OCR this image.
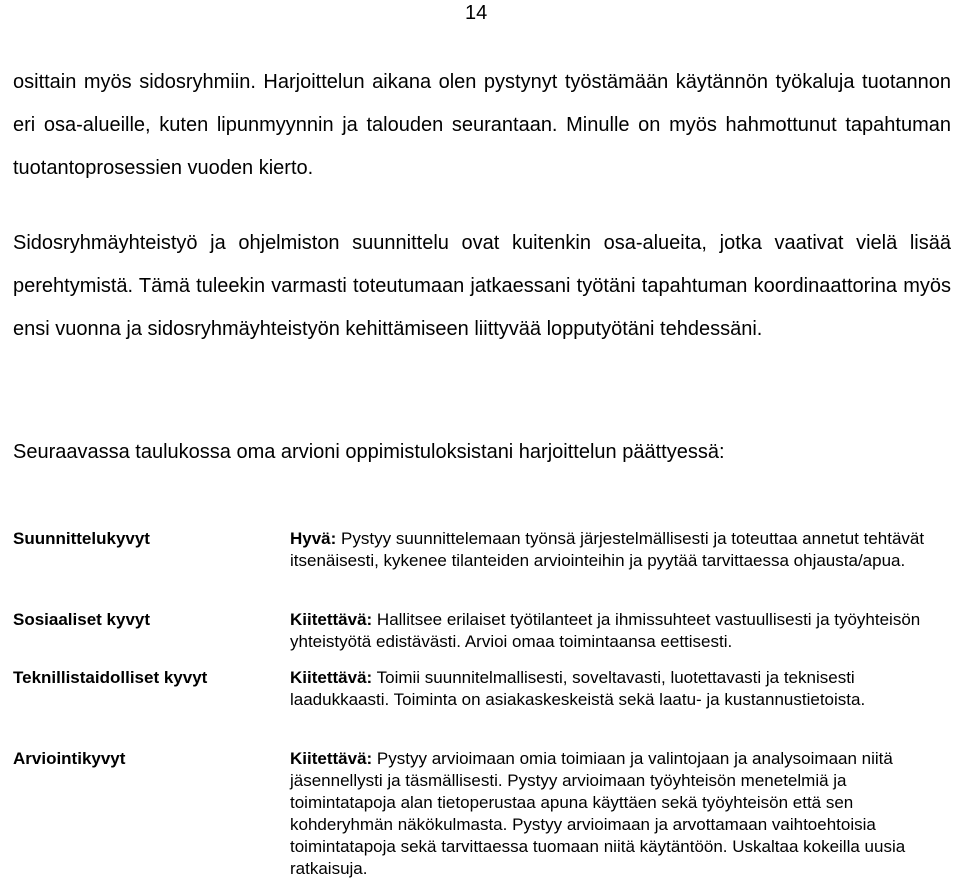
14

osittain myös sidosryhmiin. Harjoittelun aikana olen pystynyt työstämään käytännön työkaluja tuotannon eri osa-alueille, kuten lipunmyynnin ja talouden seurantaan. Minulle on myös hahmottunut tapahtuman tuotantoprosessien vuoden kierto.

Sidosryhmäyhteistyö ja ohjelmiston suunnittelu ovat kuitenkin osa-alueita, jotka vaativat vielä lisää perehtymistä. Tämä tuleekin varmasti toteutumaan jatkaessani työtäni tapahtuman koordinaattorina myös ensi vuonna ja sidosryhmäyhteistyön kehittämiseen liittyvää lopputyötäni tehdessäni.

Seuraavassa taulukossa oma arvioni oppimistuloksistani harjoittelun päättyessä:

Suunnittelukyvyt	Hyvä: Pystyy suunnittelemaan työnsä järjestelmällisesti ja toteuttaa annetut tehtävät itsenäisesti, kykenee tilanteiden arviointeihin ja pyytää tarvittaessa ohjausta/apua.
Sosiaaliset kyvyt	Kiitettävä: Hallitsee erilaiset työtilanteet ja ihmissuhteet vastuullisesti ja työyhteisön yhteistyötä edistävästi. Arvioi omaa toimintaansa eettisesti.
Teknillistaidolliset kyvyt	Kiitettävä: Toimii suunnitelmallisesti, soveltavasti, luotettavasti ja teknisesti laadukkaasti. Toiminta on asiakaskeskeistä sekä laatu- ja kustannustietoista.
Arviointikyvyt	Kiitettävä: Pystyy arvioimaan omia toimiaan ja valintojaan ja analysoimaan niitä jäsennellysti ja täsmällisesti. Pystyy arvioimaan työyhteisön menetelmiä ja toimintatapoja alan tietoperustaa apuna käyttäen sekä työyhteisön että sen kohderyhmän näkökulmasta. Pystyy arvioimaan ja arvottamaan vaihtoehtoisia toimintatapoja sekä tarvittaessa tuomaan niitä käytäntöön. Uskaltaa kokeilla uusia ratkaisuja.
